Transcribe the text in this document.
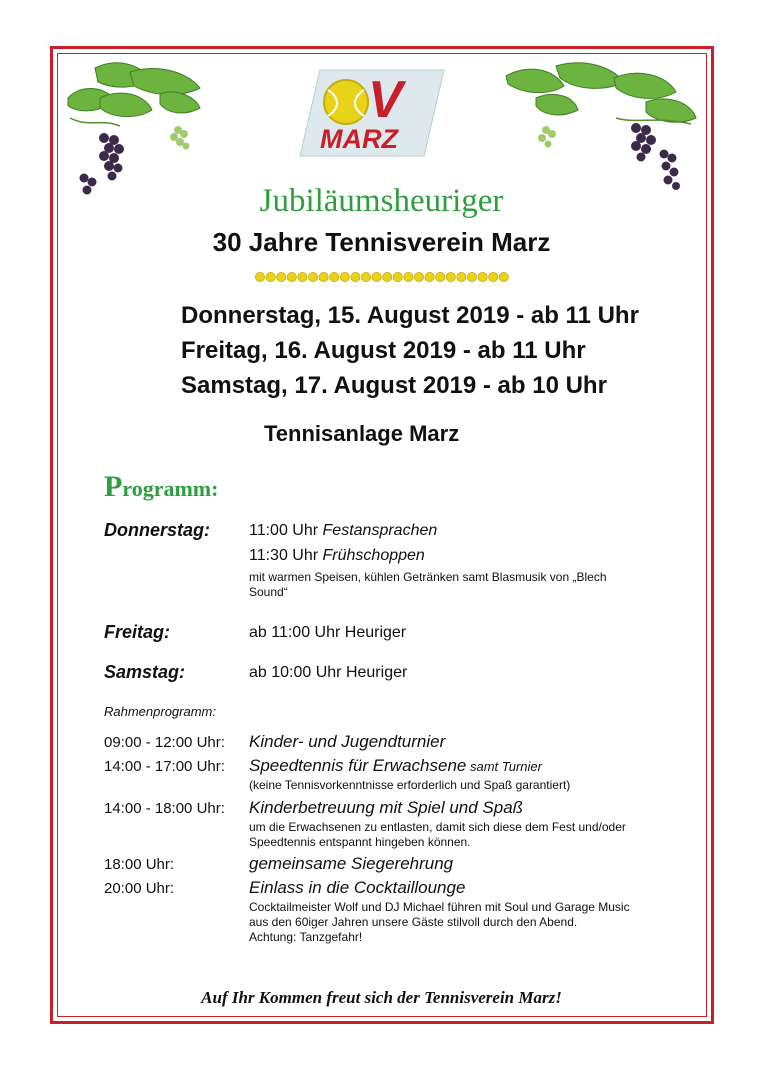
V
MARZ
Jubiläumsheuriger
30 Jahre Tennisverein Marz
Donnerstag, 15. August 2019 - ab 11 Uhr
Freitag, 16. August 2019 - ab 11 Uhr
Samstag, 17. August 2019 - ab 10 Uhr
Tennisanlage Marz
Programm:
Donnerstag: 11:00 Uhr Festansprachen
11:30 Uhr Frühschoppen
mit warmen Speisen, kühlen Getränken samt Blasmusik von „Blech
Sound“
Freitag:	ab 11:00 Uhr Heuriger
Samstag:	ab 10:00 Uhr Heuriger
Rahmenprogramm:
09:00 - 12:00 Uhr: Kinder- und Jugendturnier
14:00 - 17:00 Uhr: Speedtennis für Erwachsene samt Turnier
(keine Tennisvorkenntnisse erforderlich und Spaß garantiert)
14:00 - 18:00 Uhr: Kinderbetreuung mit Spiel und Spaß
um die Erwachsenen zu entlasten, damit sich diese dem Fest und/oder
Speedtennis entspannt hingeben können.
18:00 Uhr:	gemeinsame Siegerehrung
20:00 Uhr:	Einlass in die Cocktaillounge
Cocktailmeister Wolf und DJ Michael führen mit Soul und Garage Music
aus den 60iger Jahren unsere Gäste stilvoll durch den Abend.
Achtung: Tanzgefahr!
Auf Ihr Kommen freut sich der Tennisverein Marz!
